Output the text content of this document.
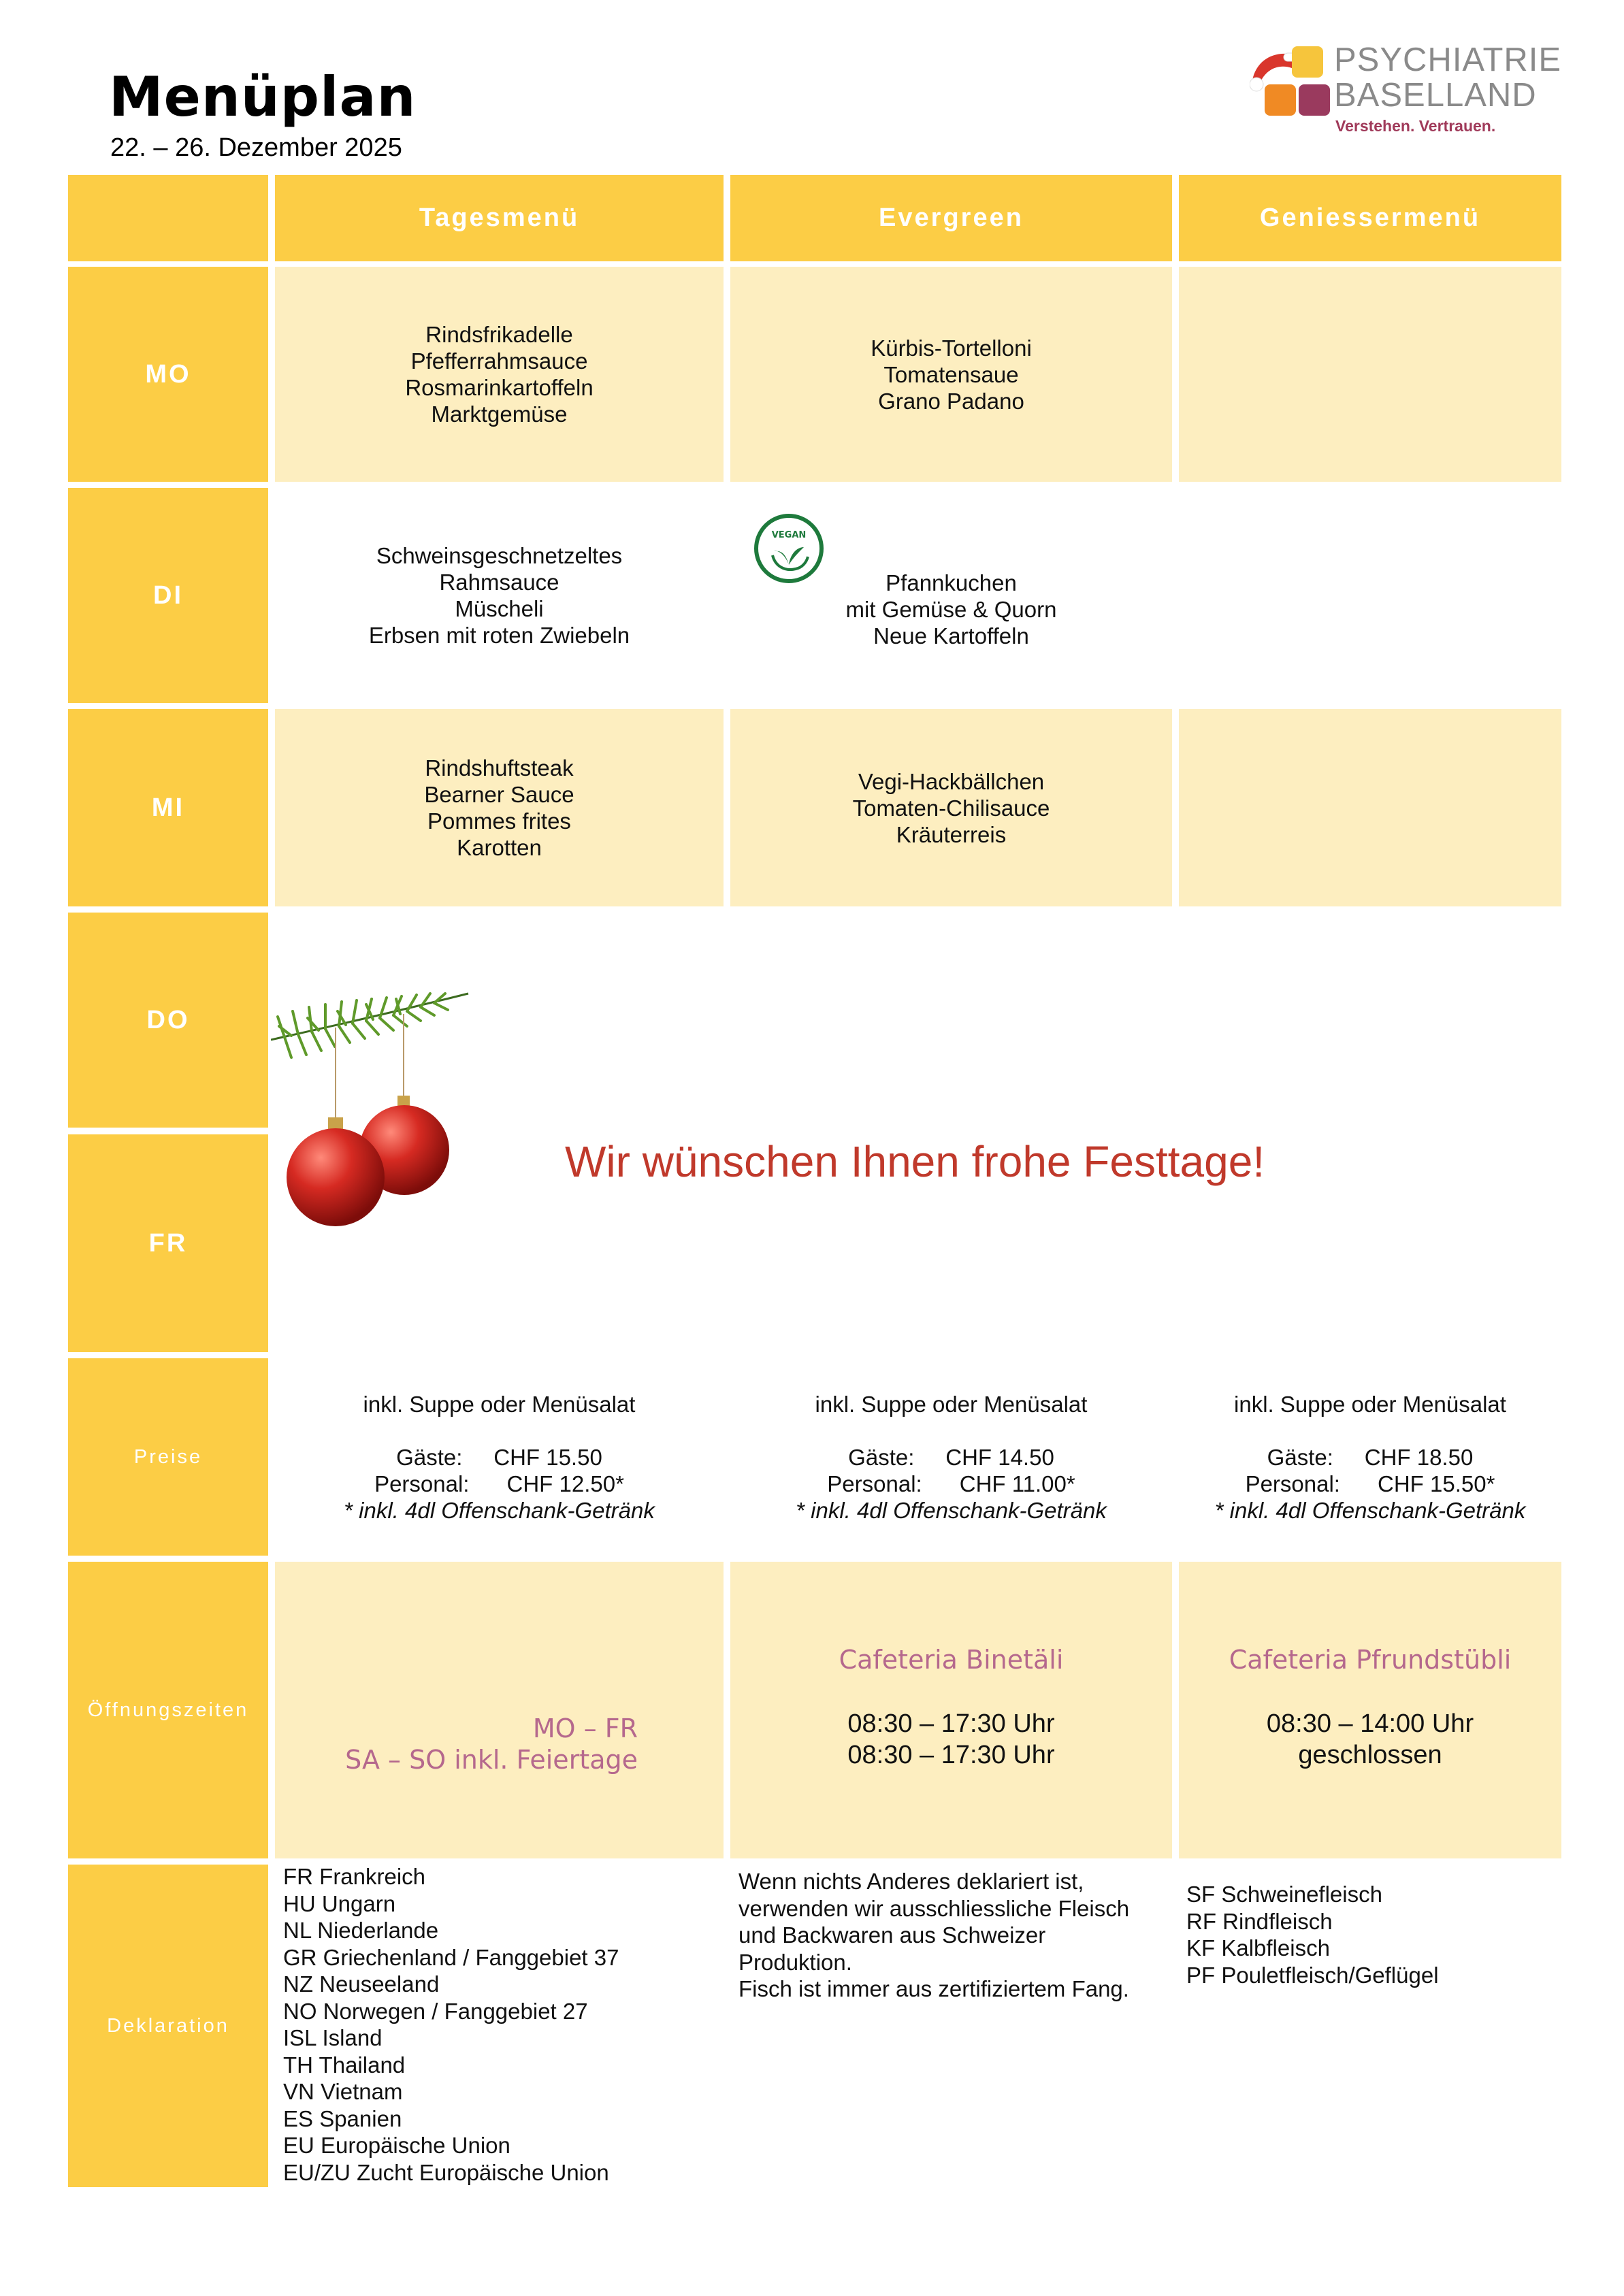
Menüplan
22. – 26. Dezember 2025
PSYCHIATRIE
BASELLAND
Verstehen. Vertrauen.
Tagesmenü	Evergreen	Geniessermenü
MO
Rindsfrikadelle
Pfefferrahmsauce
Rosmarinkartoffeln
Marktgemüse
Kürbis-Tortelloni
Tomatensaue
Grano Padano
DI
Schweinsgeschnetzeltes
Rahmsauce
Müscheli
Erbsen mit roten Zwiebeln
Pfannkuchen
mit Gemüse & Quorn
Neue Kartoffeln
VEGAN
MI
Rindshuftsteak
Bearner Sauce
Pommes frites
Karotten
Vegi-Hackbällchen
Tomaten-Chilisauce
Kräuterreis
DO
FR
Wir wünschen Ihnen frohe Festtage!
Preise
inkl. Suppe oder Menüsalat
Gäste: CHF 15.50
Personal: CHF 12.50*
* inkl. 4dl Offenschank-Getränk
inkl. Suppe oder Menüsalat
Gäste: CHF 14.50
Personal: CHF 11.00*
* inkl. 4dl Offenschank-Getränk
inkl. Suppe oder Menüsalat
Gäste: CHF 18.50
Personal: CHF 15.50*
* inkl. 4dl Offenschank-Getränk
Öffnungszeiten
MO – FR
SA – SO inkl. Feiertage
Cafeteria Binetäli
08:30 – 17:30 Uhr
08:30 – 17:30 Uhr
Cafeteria Pfrundstübli
08:30 – 14:00 Uhr
geschlossen
Deklaration
FR Frankreich
HU Ungarn
NL Niederlande
GR Griechenland / Fanggebiet 37
NZ Neuseeland
NO Norwegen / Fanggebiet 27
ISL Island
TH Thailand
VN Vietnam
ES Spanien
EU Europäische Union
EU/ZU Zucht Europäische Union
Wenn nichts Anderes deklariert ist,
verwenden wir ausschliessliche Fleisch
und Backwaren aus Schweizer
Produktion.
Fisch ist immer aus zertifiziertem Fang.
SF Schweinefleisch
RF Rindfleisch
KF Kalbfleisch
PF Pouletfleisch/Geflügel
